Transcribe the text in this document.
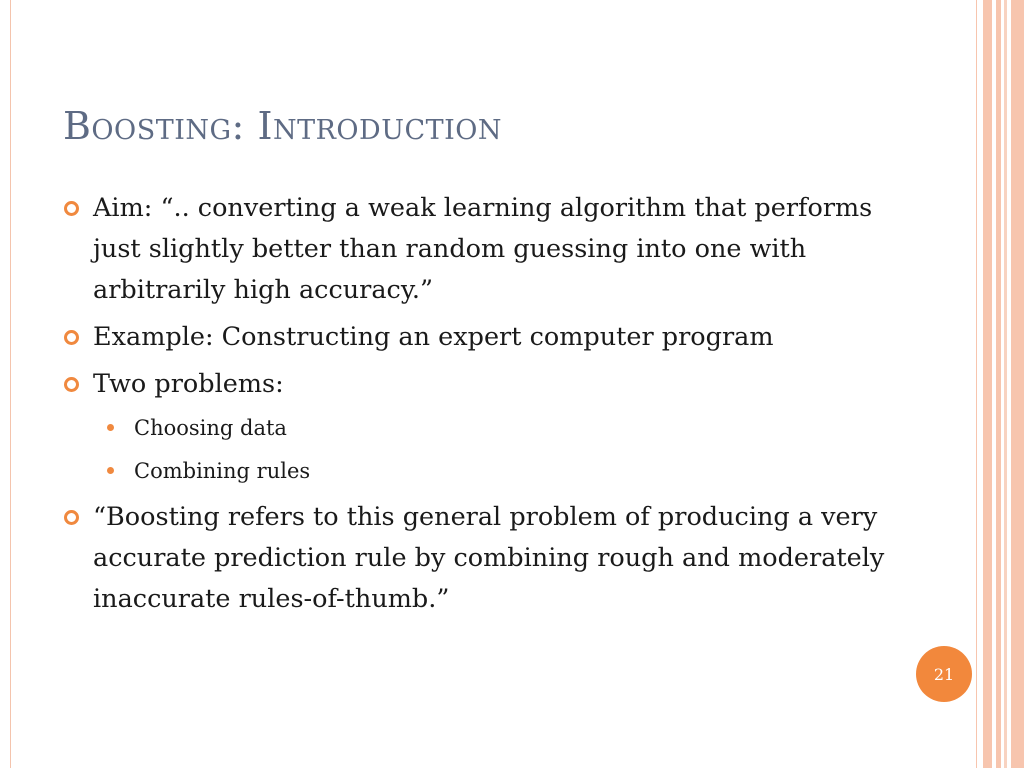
Boosting: Introduction
Aim: “.. converting a weak learning algorithm that performs just slightly better than random guessing into one with arbitrarily high accuracy.”
Example: Constructing an expert computer program
Two problems:
Choosing data
Combining rules
“Boosting refers to this general problem of producing a very accurate prediction rule by combining rough and moderately inaccurate rules-of-thumb.”
21
